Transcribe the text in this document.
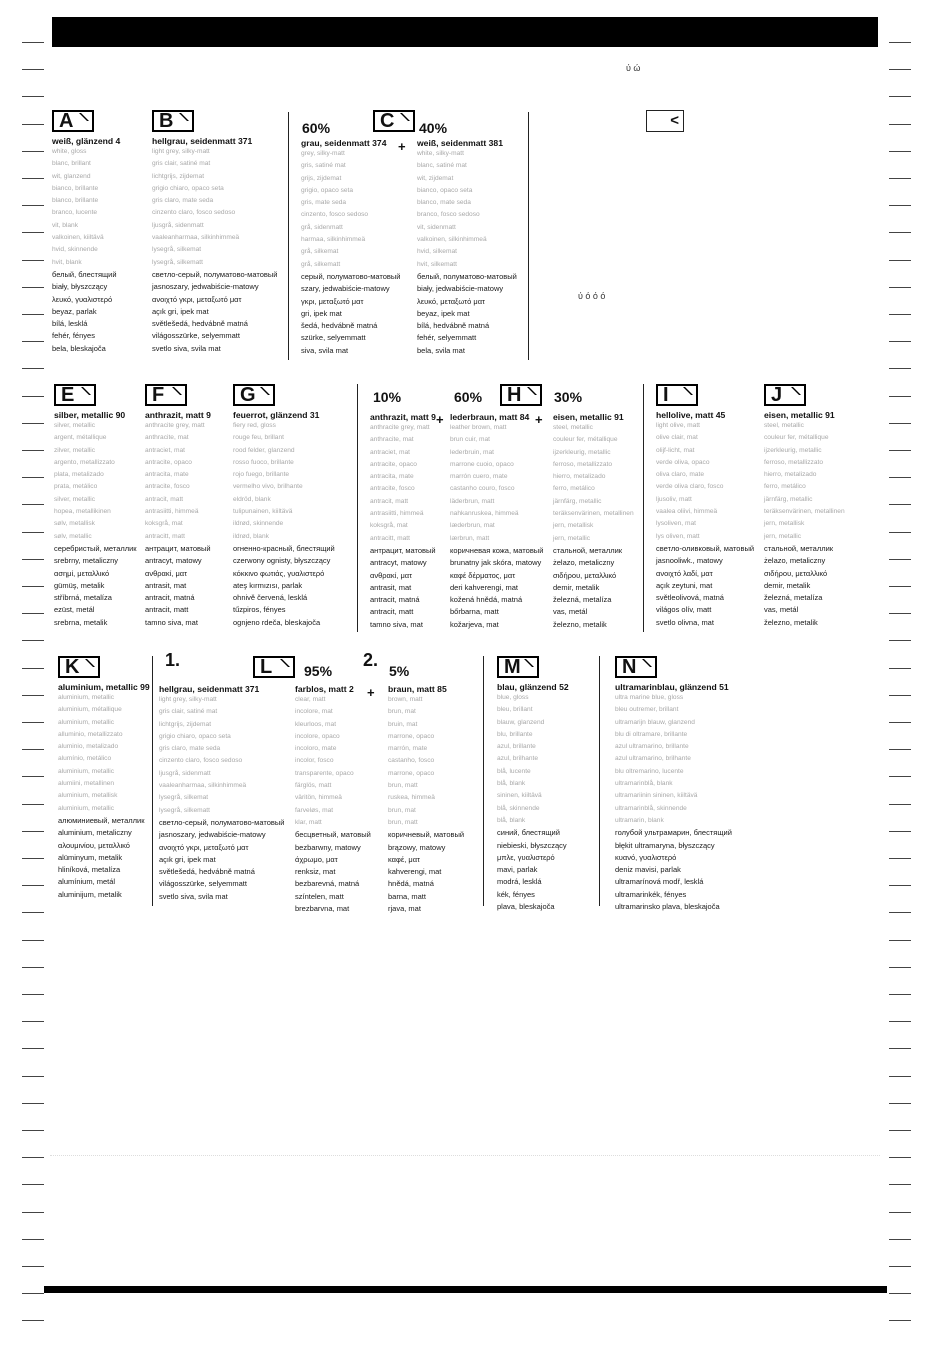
ύ ώ
A
weiß, glänzend 4
white, gloss
blanc, brillant
wit, glanzend
bianco, brillante
blanco, brillante
branco, lucente
vit, blank
valkoinen, kiiltävä
hvid, skinnende
hvit, blank
белый, блестящий
biały, błyszczący
λευκό, γυαλιστερό
beyaz, parlak
bílá, lesklá
fehér, fényes
bela, bleskajoča
B
hellgrau, seidenmatt 371
light grey, silky-matt
gris clair, satiné mat
lichtgrijs, zijdemat
grigio chiaro, opaco seta
gris claro, mate seda
cinzento claro, fosco sedoso
ljusgrå, sidenmatt
vaaleanharmaa, silkinhimmeä
lysegrå, silkemat
lysegrå, silkematt
светло-серый, полуматово-матовый
jasnoszary, jedwabiście-matowy
ανοιχτό γκρι, μεταξωτό ματ
açık gri, ipek mat
světlešedá, hedvábně matná
világosszürke, selyemmatt
svetlo siva, svila mat
60% C 40%
+
grau, seidenmatt 374
grey, silky-matt
gris, satiné mat
grijs, zijdemat
grigio, opaco seta
gris, mate seda
cinzento, fosco sedoso
grå, sidenmatt
harmaa, silkinhimmeä
grå, silkemat
grå, silkematt
серый, полуматово-матовый
szary, jedwabiście-matowy
γκρι, μεταξωτό ματ
gri, ipek mat
šedá, hedvábně matná
szürke, selyemmatt
siva, svila mat
weiß, seidenmatt 381
white, silky-matt
blanc, satiné mat
wit, zijdemat
bianco, opaco seta
blanco, mate seda
branco, fosco sedoso
vit, sidenmatt
valkoinen, silkinhimmeä
hvid, silkemat
hvit, silkematt
белый, полуматово-матовый
biały, jedwabiście-matowy
λευκό, μεταξωτό ματ
beyaz, ipek mat
bílá, hedvábně matná
fehér, selyemmatt
bela, svila mat
<
ύ ό ό ό
E
silber, metallic 90
silver, metallic
argent, métallique
zilver, metallic
argento, metallizzato
plata, metalizado
prata, metálico
silver, metallic
hopea, metallikinen
sølv, metallisk
sølv, metallic
серебристый, металлик
srebrny, metaliczny
ασημί, μεταλλικό
gümüş, metalik
stříbrná, metalíza
ezüst, metál
srebrna, metalik
F
anthrazit, matt 9
anthracite grey, matt
anthracite, mat
antraciet, mat
antracite, opaco
antracita, mate
antracite, fosco
antracit, matt
antrasiitti, himmeä
koksgrå, mat
antracitt, matt
антрацит, матовый
antracyt, matowy
ανθρακί, ματ
antrasit, mat
antracit, matná
antracit, matt
tamno siva, mat
G
feuerrot, glänzend 31
fiery red, gloss
rouge feu, brillant
rood felder, glanzend
rosso fuoco, brillante
rojo fuego, brillante
vermelho vivo, brilhante
eldröd, blank
tulipunainen, kiiltävä
ildrød, skinnende
ildrød, blank
огненно-красный, блестящий
czerwony ognisty, błyszczący
κόκκινο φωτιάς, γυαλιστερό
ateş kırmızısı, parlak
ohnivě červená, lesklá
tűzpiros, fényes
ognjeno rdeča, bleskajoča
10%	60% H 30%
+	+
anthrazit, matt 9
anthracite grey, matt
anthracite, mat
antraciet, mat
antracite, opaco
antracita, mate
antracite, fosco
antracit, matt
antrasiitti, himmeä
koksgrå, mat
antracitt, matt
антрацит, матовый
antracyt, matowy
ανθρακί, ματ
antrasit, mat
antracit, matná
antracit, matt
tamno siva, mat
lederbraun, matt 84
leather brown, matt
brun cuir, mat
lederbruin, mat
marrone cuoio, opaco
marrón cuero, mate
castanho couro, fosco
läderbrun, matt
nahkanruskea, himmeä
læderbrun, mat
lærbrun, matt
коричневая кожа, матовый
brunatny jak skóra, matowy
καφέ δέρματος, ματ
deri kahverengi, mat
kožená hnědá, matná
bőrbarna, matt
kožarjeva, mat
eisen, metallic 91
steel, metallic
couleur fer, métallique
ijzerkleurig, metallic
ferroso, metallizzato
hierro, metalizado
ferro, metálico
järnfärg, metallic
teräksenvärinen, metallinen
jern, metallisk
jern, metallic
стальной, металлик
żelazo, metaliczny
σιδήρου, μεταλλικό
demir, metalik
železná, metalíza
vas, metál
železno, metalik
I
hellolive, matt 45
light olive, matt
olive clair, mat
olijf-licht, mat
verde oliva, opaco
oliva claro, mate
verde oliva claro, fosco
ljusoliv, matt
vaalea oliivi, himmeä
lysoliven, mat
lys oliven, matt
светло-оливковый, матовый
jasnooliwk., matowy
ανοιχτό λαδί, ματ
açık zeytuni, mat
světleolivová, matná
világos olív, matt
svetlo olivna, mat
J
eisen, metallic 91
steel, metallic
couleur fer, métallique
ijzerkleurig, metallic
ferroso, metallizzato
hierro, metalizado
ferro, metálico
järnfärg, metallic
teräksenvärinen, metallinen
jern, metallisk
jern, metallic
стальной, металлик
żelazo, metaliczny
σιδήρου, μεταλλικό
demir, metalik
železná, metalíza
vas, metál
železno, metalik
K
aluminium, metallic 99
aluminium, metallic
aluminium, métallique
aluminium, metallic
alluminio, metallizzato
aluminio, metalizado
alumínio, metálico
aluminium, metallic
alumiini, metallinen
aluminium, metallisk
aluminium, metallic
алюминиевый, металлик
aluminium, metaliczny
αλουμινίου, μεταλλικό
alüminyum, metalik
hliníková, metalíza
alumínium, metál
aluminijum, metalik
1.	L 95%
2.
5%
+
hellgrau, seidenmatt 371
light grey, silky-matt
gris clair, satiné mat
lichtgrijs, zijdemat
grigio chiaro, opaco seta
gris claro, mate seda
cinzento claro, fosco sedoso
ljusgrå, sidenmatt
vaaleanharmaa, silkinhimmeä
lysegrå, silkemat
lysegrå, silkematt
светло-серый, полуматово-матовый
jasnoszary, jedwabiście-matowy
ανοιχτό γκρι, μεταξωτό ματ
açık gri, ipek mat
světlešedá, hedvábně matná
világosszürke, selyemmatt
svetlo siva, svila mat
farblos, matt 2
clear, matt
incolore, mat
kleurloos, mat
incolore, opaco
incoloro, mate
incolor, fosco
transparente, opaco
färglös, matt
väritön, himmeä
farveløs, mat
klar, matt
бесцветный, матовый
bezbarwny, matowy
άχρωμο, ματ
renksiz, mat
bezbarevná, matná
színtelen, matt
brezbarvna, mat
braun, matt 85
brown, matt
brun, mat
bruin, mat
marrone, opaco
marrón, mate
castanho, fosco
marrone, opaco
brun, matt
ruskea, himmeä
brun, mat
brun, matt
коричневый, матовый
brązowy, matowy
καφέ, ματ
kahverengi, mat
hnědá, matná
barna, matt
rjava, mat
M
blau, glänzend 52
blue, gloss
bleu, brillant
blauw, glanzend
blu, brillante
azul, brillante
azul, brilhante
blå, lucente
blå, blank
sininen, kiiltävä
blå, skinnende
blå, blank
синий, блестящий
niebieski, błyszczący
μπλε, γυαλιστερό
mavi, parlak
modrá, lesklá
kék, fényes
plava, bleskajoča
N
ultramarinblau, glänzend 51
ultra marine blue, gloss
bleu outremer, brillant
ultramarijn blauw, glanzend
blu di oltramare, brillante
azul ultramarino, brillante
azul ultramarino, brilhante
blu oltremarino, lucente
ultramarinblå, blank
ultramariinin sininen, kiiltävä
ultramarinblå, skinnende
ultramarin, blank
голубой ультрамарин, блестящий
błękit ultramaryna, błyszczący
κυανό, γυαλιστερό
deniz mavisi, parlak
ultramarínová modř, lesklá
ultramarinkék, fényes
ultramarinsko plava, bleskajoča
